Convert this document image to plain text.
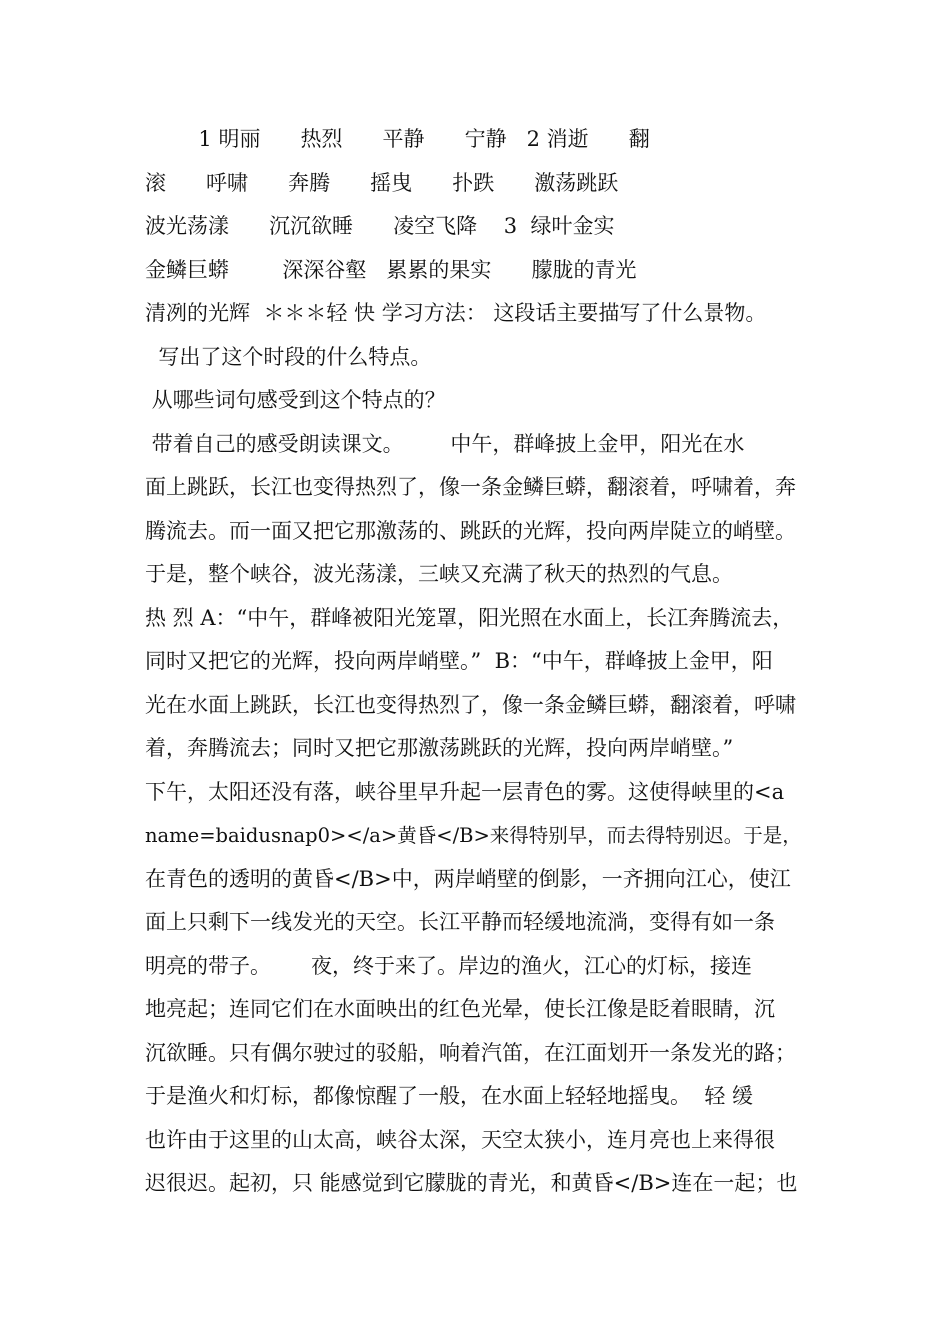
1 明丽      热烈      平静      宁静   2 消逝      翻
滚      呼啸      奔腾      摇曳      扑跌      激荡跳跃
波光荡漾      沉沉欲睡      凌空飞降    3  绿叶金实
金鳞巨蟒        深深谷壑   累累的果实      朦胧的青光
清冽的光辉  ＊＊＊轻 快 学习方法： 这段话主要描写了什么景物。
写出了这个时段的什么特点。
从哪些词句感受到这个特点的？
带着自己的感受朗读课文。       中午，群峰披上金甲，阳光在水
面上跳跃，长江也变得热烈了，像一条金鳞巨蟒，翻滚着，呼啸着，奔
腾流去。而一面又把它那激荡的、跳跃的光辉，投向两岸陡立的峭壁。
于是，整个峡谷，波光荡漾，三峡又充满了秋天的热烈的气息。
热 烈 A：“中午，群峰被阳光笼罩，阳光照在水面上，长江奔腾流去，
同时又把它的光辉，投向两岸峭壁。”  B：“中午，群峰披上金甲，阳
光在水面上跳跃，长江也变得热烈了，像一条金鳞巨蟒，翻滚着，呼啸
着，奔腾流去；同时又把它那激荡跳跃的光辉，投向两岸峭壁。”
下午，太阳还没有落，峡谷里早升起一层青色的雾。这使得峡里的<a
name=baidusnap0></a>黄昏</B>来得特别早，而去得特别迟。于是，
在青色的透明的黄昏</B>中，两岸峭壁的倒影，一齐拥向江心，使江
面上只剩下一线发光的天空。长江平静而轻缓地流淌，变得有如一条
明亮的带子。      夜，终于来了。岸边的渔火，江心的灯标，接连
地亮起；连同它们在水面映出的红色光晕，使长江像是眨着眼睛，沉
沉欲睡。只有偶尔驶过的驳船，响着汽笛，在江面划开一条发光的路；
于是渔火和灯标，都像惊醒了一般，在水面上轻轻地摇曳。  轻 缓
也许由于这里的山太高，峡谷太深，天空太狭小，连月亮也上来得很
迟很迟。起初，只 能感觉到它朦胧的青光，和黄昏</B>连在一起；也
